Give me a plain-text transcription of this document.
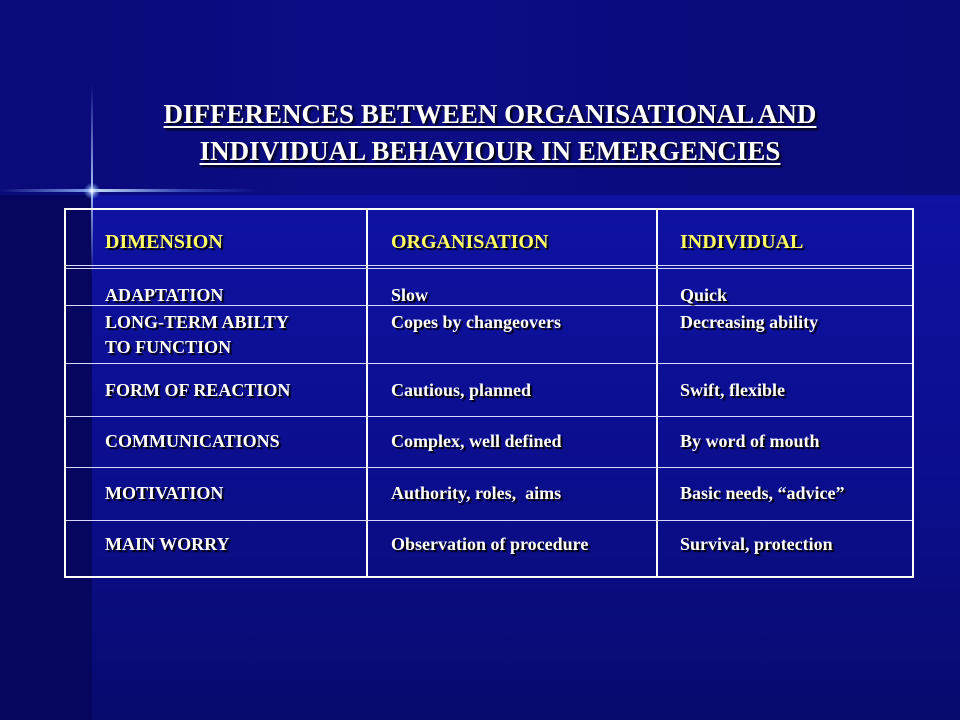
DIFFERENCES BETWEEN ORGANISATIONAL AND
INDIVIDUAL BEHAVIOUR IN EMERGENCIES
DIMENSION	ORGANISATION	INDIVIDUAL
ADAPTATION	Slow	Quick
LONG-TERM ABILTY	Copes by changeovers	Decreasing ability
TO FUNCTION
FORM OF REACTION	Cautious, planned	Swift, flexible
COMMUNICATIONS	Complex, well defined	By word of mouth
MOTIVATION	Authority, roles,  aims	Basic needs, “advice”
MAIN WORRY	Observation of procedure	Survival, protection
